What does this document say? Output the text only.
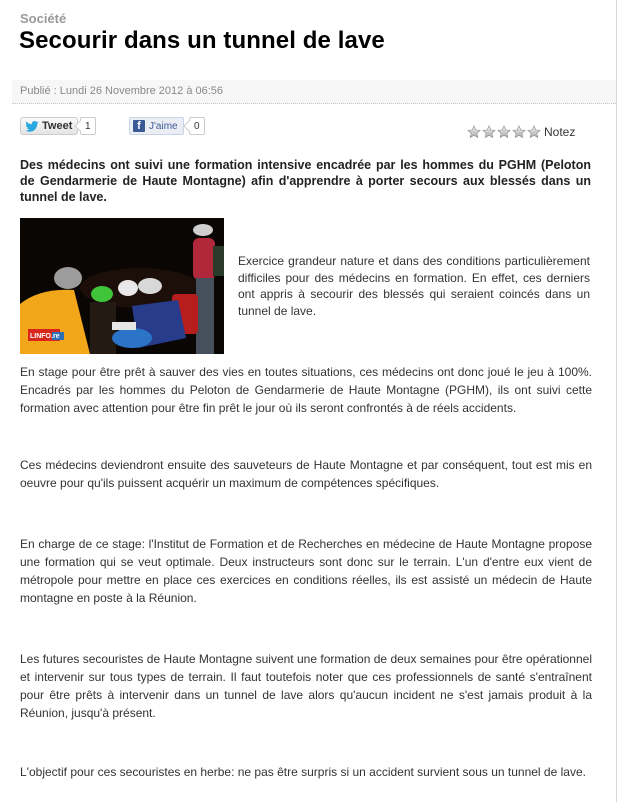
Société
Secourir dans un tunnel de lave
Publié : Lundi 26 Novembre 2012 à 06:56
Tweet	1	f J'aime	0	Notez

Des médecins ont suivi une formation intensive encadrée par les hommes du PGHM (Peloton de Gendarmerie de Haute Montagne) afin d'apprendre à porter secours aux blessés dans un tunnel de lave.

LINFO.re

Exercice grandeur nature et dans des conditions particulièrement difficiles pour des médecins en formation. En effet, ces derniers ont appris à secourir des blessés qui seraient coincés dans un tunnel de lave.

En stage pour être prêt à sauver des vies en toutes situations, ces médecins ont donc joué le jeu à 100%. Encadrés par les hommes du Peloton de Gendarmerie de Haute Montagne (PGHM), ils ont suivi cette formation avec attention pour être fin prêt le jour où ils seront confrontés à de réels accidents.

Ces médecins deviendront ensuite des sauveteurs de Haute Montagne et par conséquent, tout est mis en oeuvre pour qu'ils puissent acquérir un maximum de compétences spécifiques.

En charge de ce stage: l'Institut de Formation et de Recherches en médecine de Haute Montagne propose une formation qui se veut optimale. Deux instructeurs sont donc sur le terrain. L'un d'entre eux vient de métropole pour mettre en place ces exercices en conditions réelles, ils est assisté un médecin de Haute montagne en poste à la Réunion.

Les futures secouristes de Haute Montagne suivent une formation de deux semaines pour être opérationnel et intervenir sur tous types de terrain. Il faut toutefois noter que ces professionnels de santé s'entraînent pour être prêts à intervenir dans un tunnel de lave alors qu'aucun incident ne s'est jamais produit à la Réunion, jusqu'à présent.

L'objectif pour ces secouristes en herbe: ne pas être surpris si un accident survient sous un tunnel de lave.
